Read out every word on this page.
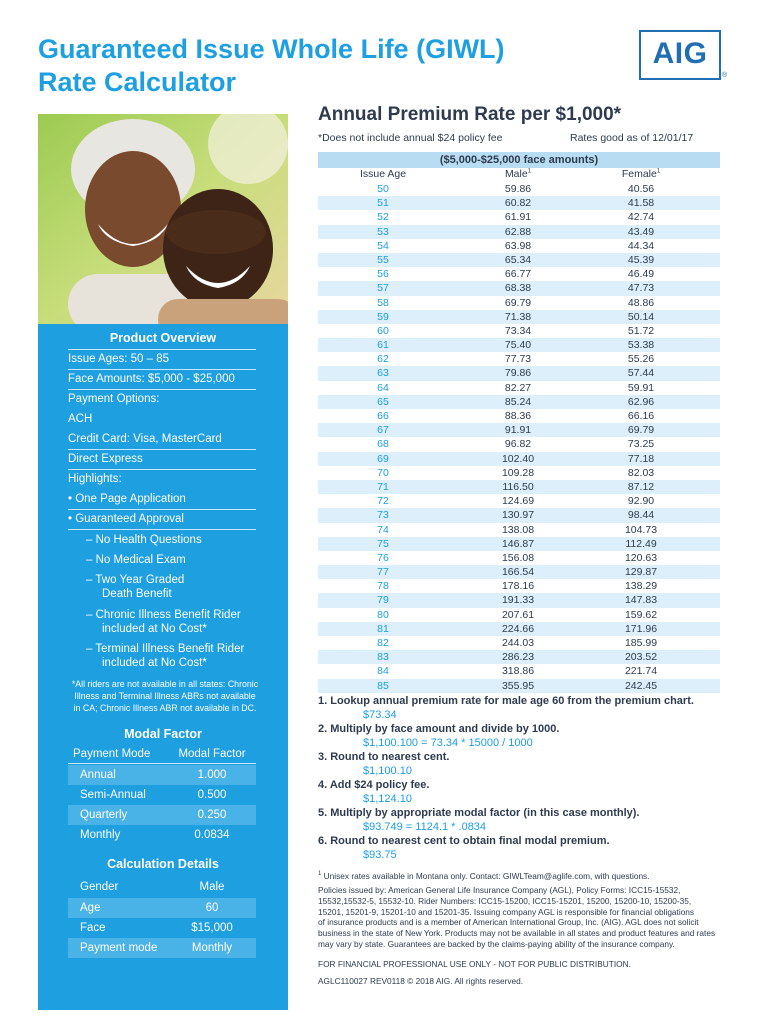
Guaranteed Issue Whole Life (GIWL)
Rate Calculator
AIG
®
Product Overview
Issue Ages: 50 – 85
Face Amounts: $5,000 - $25,000
Payment Options:
ACH
Credit Card: Visa, MasterCard
Direct Express
Highlights:
• One Page Application
• Guaranteed Approval
– No Health Questions
– No Medical Exam
– Two Year Graded
Death Benefit
– Chronic Illness Benefit Rider
included at No Cost*
– Terminal Illness Benefit Rider
included at No Cost*
*All riders are not available in all states: Chronic
Illness and Terminal Illness ABRs not available
in CA; Chronic Illness ABR not available in DC.
Modal Factor
Payment Mode	Modal Factor
Annual	1.000
Semi-Annual	0.500
Quarterly	0.250
Monthly	0.0834
Calculation Details
Gender	Male
Age	60
Face	$15,000
Payment mode	Monthly
Annual Premium Rate per $1,000*
*Does not include annual $24 policy fee	Rates good as of 12/01/17
($5,000-$25,000 face amounts)
Issue Age	Male$^1$	Female$^1$
50	59.86	40.56
51	60.82	41.58
52	61.91	42.74
53	62.88	43.49
54	63.98	44.34
55	65.34	45.39
56	66.77	46.49
57	68.38	47.73
58	69.79	48.86
59	71.38	50.14
60	73.34	51.72
61	75.40	53.38
62	77.73	55.26
63	79.86	57.44
64	82.27	59.91
65	85.24	62.96
66	88.36	66.16
67	91.91	69.79
68	96.82	73.25
69	102.40	77.18
70	109.28	82.03
71	116.50	87.12
72	124.69	92.90
73	130.97	98.44
74	138.08	104.73
75	146.87	112.49
76	156.08	120.63
77	166.54	129.87
78	178.16	138.29
79	191.33	147.83
80	207.61	159.62
81	224.66	171.96
82	244.03	185.99
83	286.23	203.52
84	318.86	221.74
85	355.95	242.45
1. Lookup annual premium rate for male age 60 from the premium chart.
$73.34
2. Multiply by face amount and divide by 1000.
$1,100.100 = 73.34 * 15000 / 1000
3. Round to nearest cent.
$1,100.10
4. Add $24 policy fee.
$1,124.10
5. Multiply by appropriate modal factor (in this case monthly).
$93.749 = 1124.1 * .0834
6. Round to nearest cent to obtain final modal premium.
$93.75
$^1$ Unisex rates available in Montana only. Contact: GIWLTeam@aglife.com, with questions.
Policies issued by: American General Life Insurance Company (AGL), Policy Forms: ICC15-15532,
15532,15532-5, 15532-10. Rider Numbers: ICC15-15200, ICC15-15201, 15200, 15200-10, 15200-35,
15201, 15201-9, 15201-10 and 15201-35. Issuing company AGL is responsible for financial obligations
of insurance products and is a member of American International Group, Inc. (AIG). AGL does not solicit
business in the state of New York. Products may not be available in all states and product features and rates
may vary by state. Guarantees are backed by the claims-paying ability of the insurance company.
FOR FINANCIAL PROFESSIONAL USE ONLY - NOT FOR PUBLIC DISTRIBUTION.
AGLC110027 REV0118 © 2018 AIG. All rights reserved.
